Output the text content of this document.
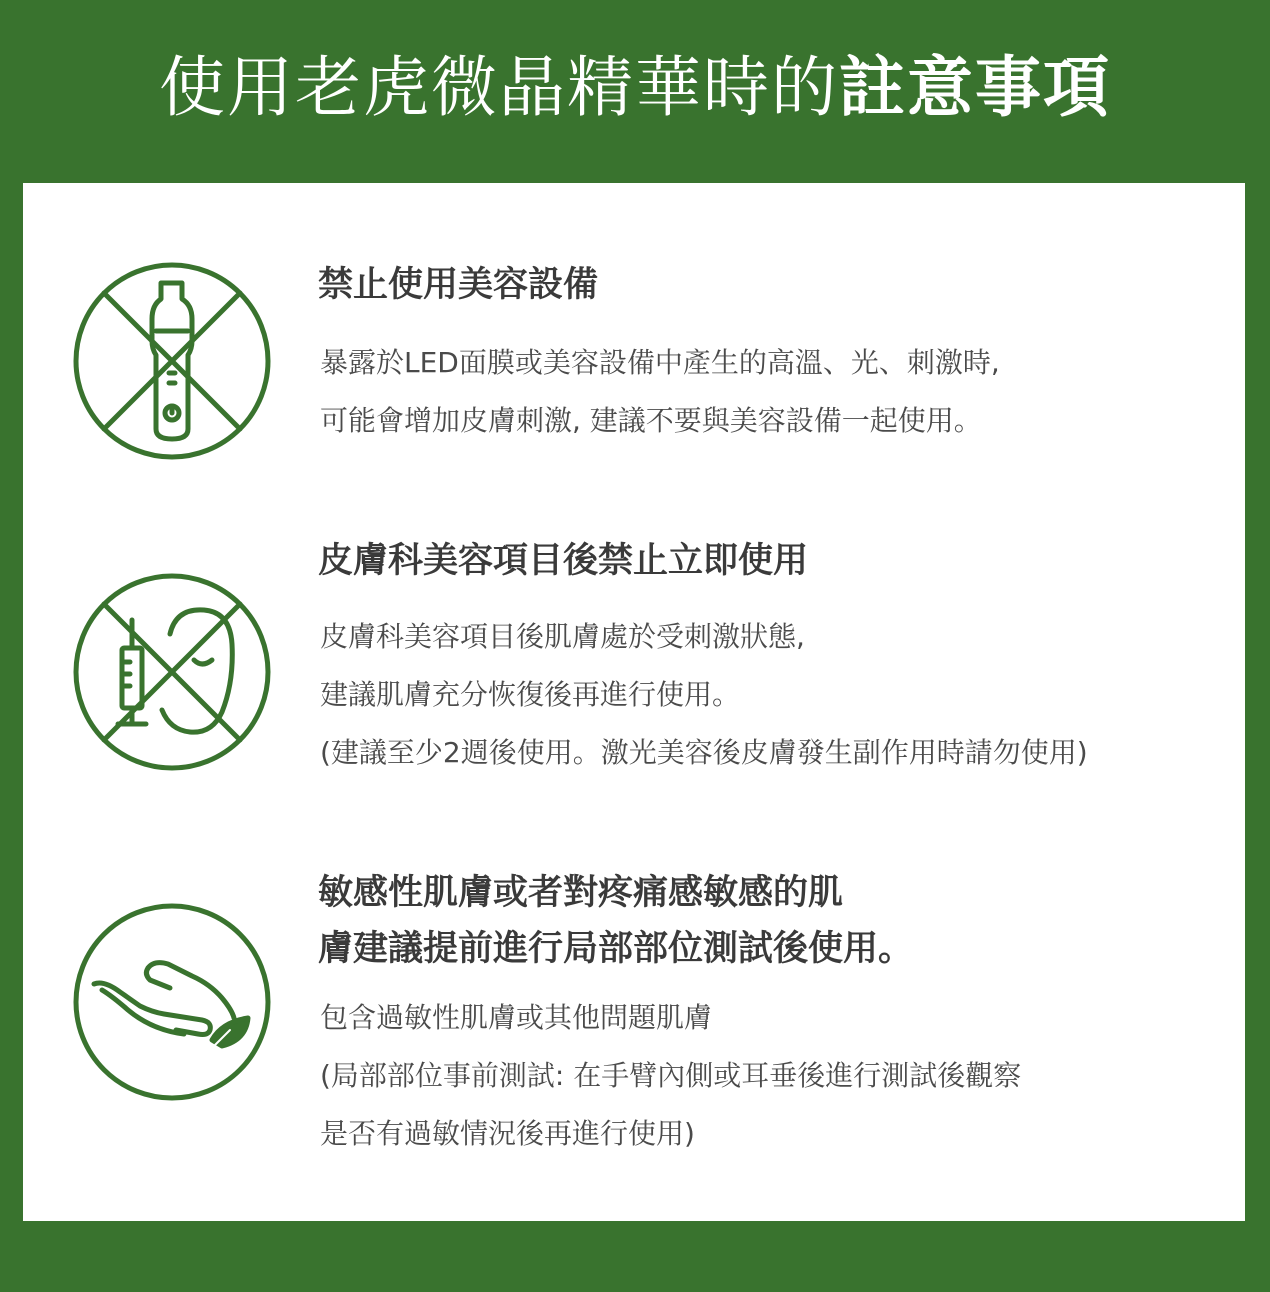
使用老虎微晶精華時的註意事項
禁止使用美容設備
暴露於LED面膜或美容設備中產生的高溫、光、刺激時,
可能會增加皮膚刺激, 建議不要與美容設備一起使用。
皮膚科美容項目後禁止立即使用
皮膚科美容項目後肌膚處於受刺激狀態,
建議肌膚充分恢復後再進行使用。
(建議至少2週後使用。激光美容後皮膚發生副作用時請勿使用)
敏感性肌膚或者對疼痛感敏感的肌
膚建議提前進行局部部位測試後使用。
包含過敏性肌膚或其他問題肌膚
(局部部位事前測試: 在手臂內側或耳垂後進行測試後觀察
是否有過敏情況後再進行使用)
